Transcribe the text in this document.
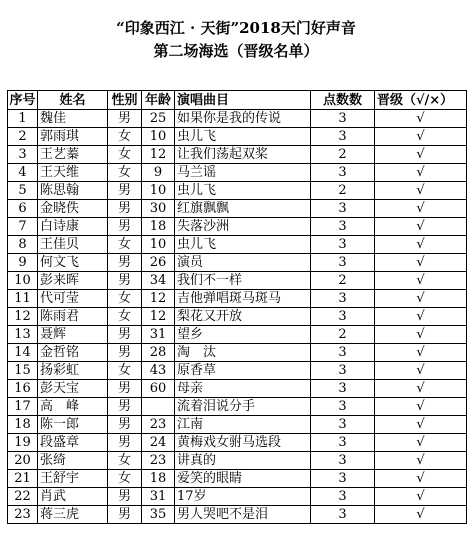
“印象西江 · 天街”2018天门好声音
第二场海选（晋级名单）
序号	姓名	性别	年龄	演唱曲目	点数数	晋级（√/×）
1	魏佳	男	25	如果你是我的传说	3	√
2	郭雨琪	女	10	虫儿飞	3	√
3	王艺蓁	女	12	让我们荡起双桨	2	√
4	王天维	女	9	马兰谣	3	√
5	陈思翰	男	10	虫儿飞	2	√
6	金晓佚	男	30	红旗飘飘	3	√
7	白诗康	男	18	失落沙洲	3	√
8	王佳贝	女	10	虫儿飞	3	√
9	何文飞	男	26	演员	3	√
10	彭来晖	男	34	我们不一样	2	√
11	代可莹	女	12	吉他弹唱斑马斑马	3	√
12	陈雨君	女	12	梨花又开放	3	√
13	聂辉	男	31	望乡	2	√
14	金哲铭	男	28	淘　汰	3	√
15	扬彩虹	女	43	原香草	3	√
16	彭天宝	男	60	母亲	3	√
17	高　峰	男		流着泪说分手	3	√
18	陈一郎	男	23	江南	3	√
19	段盛章	男	24	黄梅戏女驸马选段	3	√
20	张绮	女	23	讲真的	3	√
21	王舒宇	女	18	爱笑的眼睛	3	√
22	肖武	男	31	17岁	3	√
23	蒋三虎	男	35	男人哭吧不是泪	3	√
